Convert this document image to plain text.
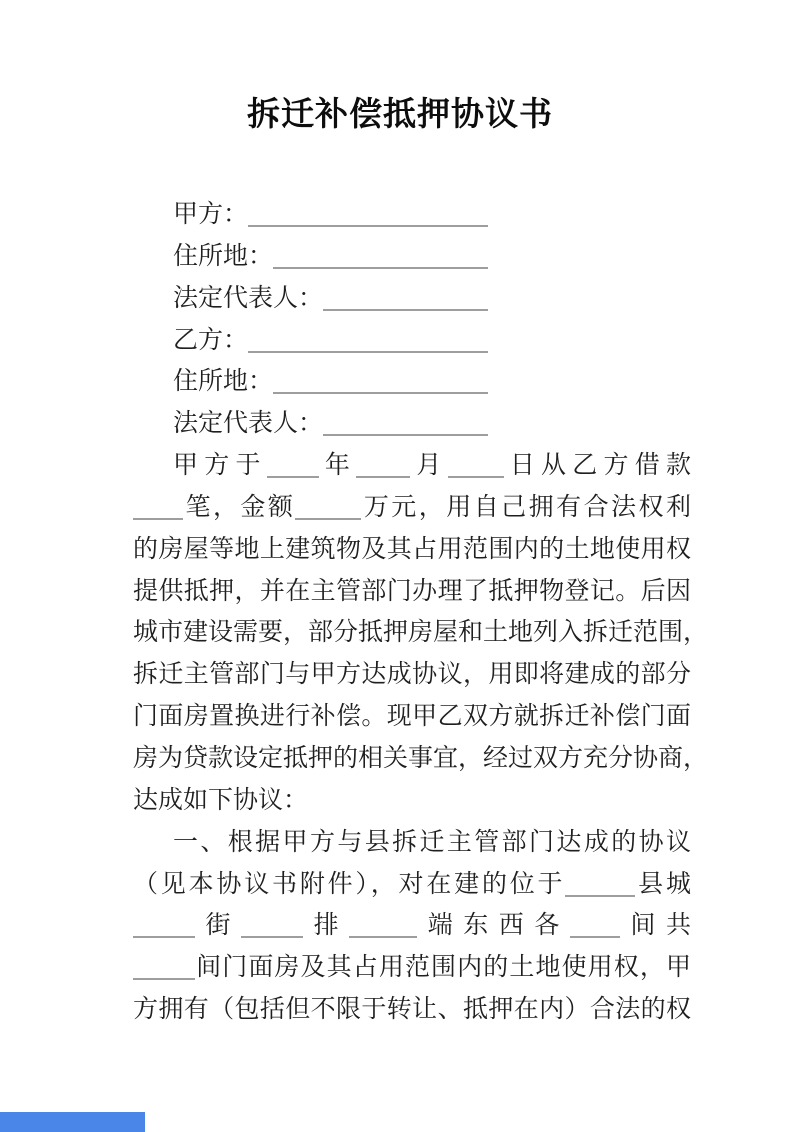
拆迁补偿抵押协议书
甲方：
住所地：
法定代表人：
乙方：
住所地：
法定代表人：
甲方于 年 月 日从乙方借款
笔，金额	万元，用自己拥有合法权利
的房屋等地上建筑物及其占用范围内的土地使用权
提供抵押，并在主管部门办理了抵押物登记。后因
城市建设需要，部分抵押房屋和土地列入拆迁范围，
拆迁主管部门与甲方达成协议，用即将建成的部分
门面房置换进行补偿。现甲乙双方就拆迁补偿门面
房为贷款设定抵押的相关事宜，经过双方充分协商，
达成如下协议：
一、根据甲方与县拆迁主管部门达成的协议
（见本协议书附件），对在建的位于	县城
街 排	端东西各 间共
间门面房及其占用范围内的土地使用权，甲
方拥有（包括但不限于转让、抵押在内）合法的权
